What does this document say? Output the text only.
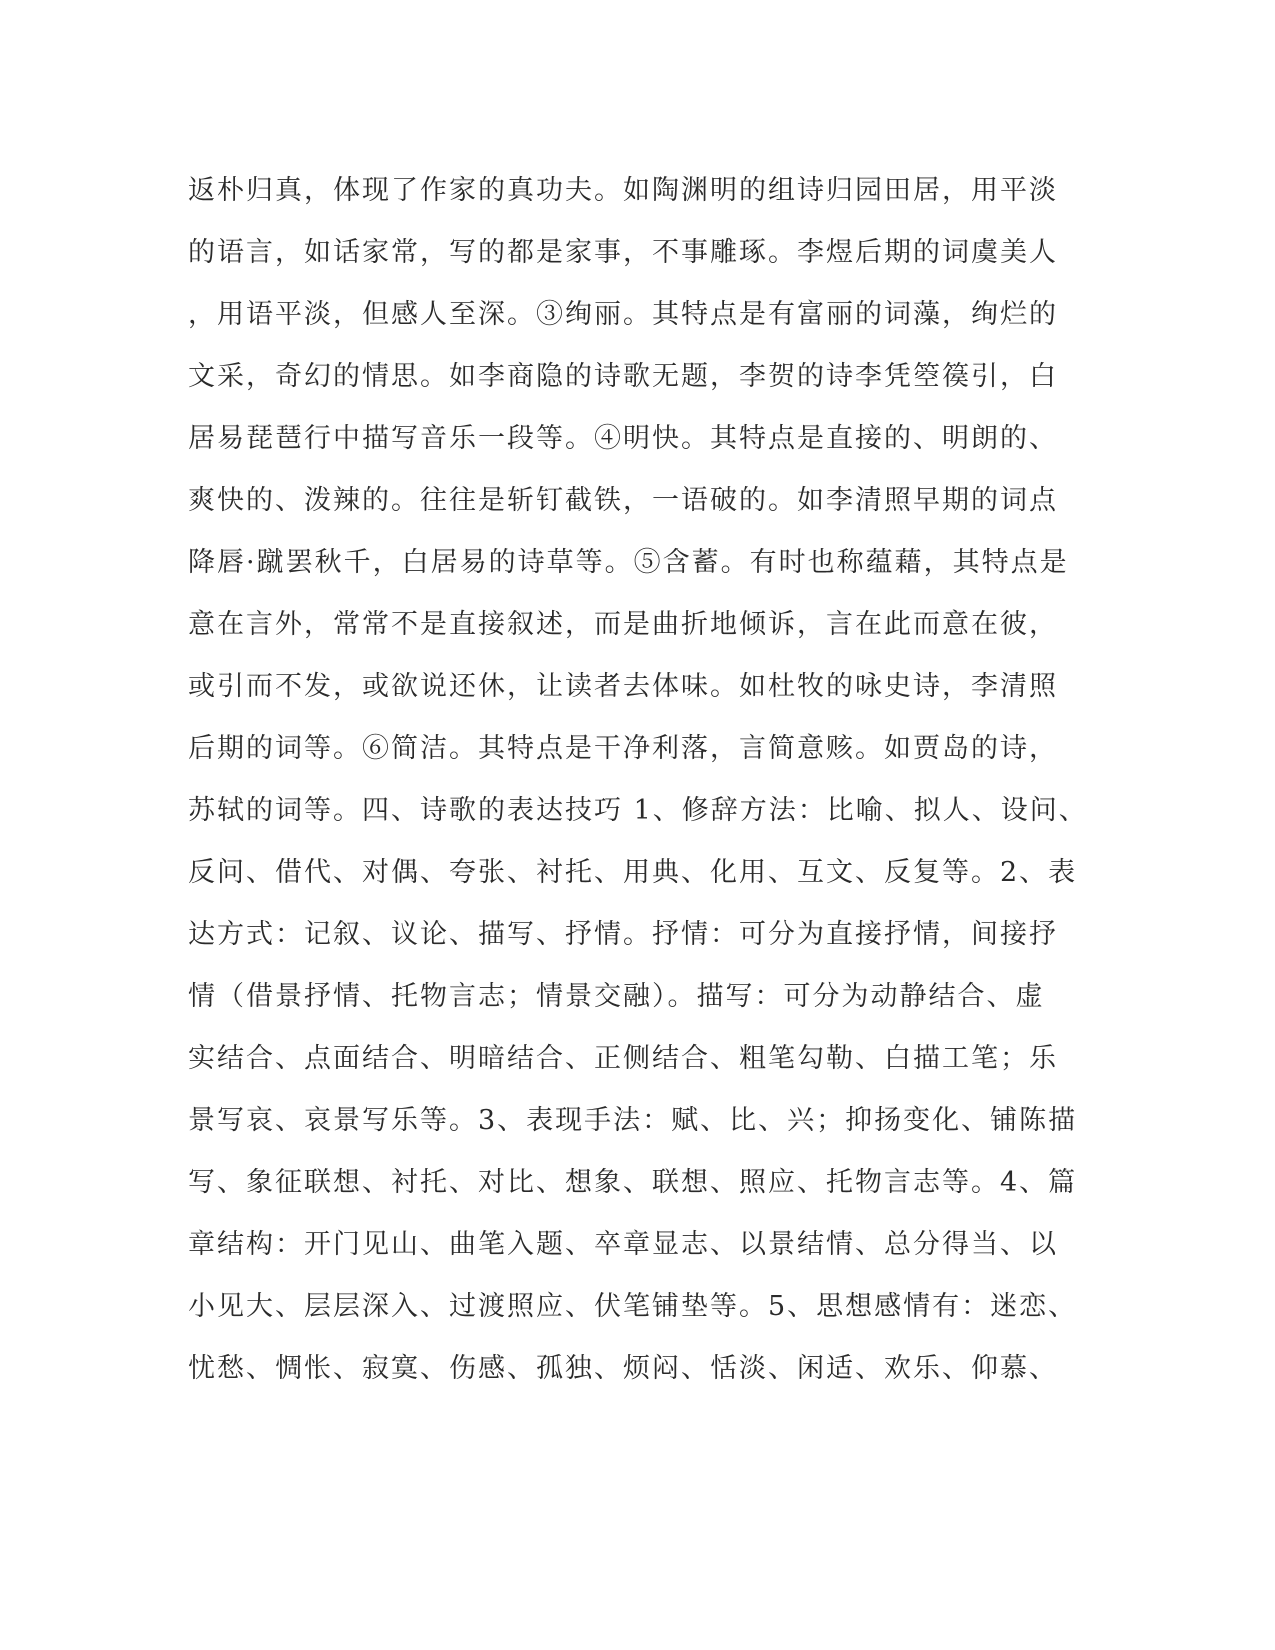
返朴归真，体现了作家的真功夫。如陶渊明的组诗归园田居，用平淡
的语言，如话家常，写的都是家事，不事雕琢。李煜后期的词虞美人
，用语平淡，但感人至深。③绚丽。其特点是有富丽的词藻，绚烂的
文采，奇幻的情思。如李商隐的诗歌无题，李贺的诗李凭箜篌引，白
居易琵琶行中描写音乐一段等。④明快。其特点是直接的、明朗的、
爽快的、泼辣的。往往是斩钉截铁，一语破的。如李清照早期的词点
降唇·蹴罢秋千，白居易的诗草等。⑤含蓄。有时也称蕴藉，其特点是
意在言外，常常不是直接叙述，而是曲折地倾诉，言在此而意在彼，
或引而不发，或欲说还休，让读者去体味。如杜牧的咏史诗，李清照
后期的词等。⑥简洁。其特点是干净利落，言简意赅。如贾岛的诗，
苏轼的词等。四、诗歌的表达技巧 1、修辞方法：比喻、拟人、设问、
反问、借代、对偶、夸张、衬托、用典、化用、互文、反复等。2、表
达方式：记叙、议论、描写、抒情。抒情：可分为直接抒情，间接抒
情（借景抒情、托物言志；情景交融）。描写：可分为动静结合、虚
实结合、点面结合、明暗结合、正侧结合、粗笔勾勒、白描工笔；乐
景写哀、哀景写乐等。3、表现手法：赋、比、兴；抑扬变化、铺陈描
写、象征联想、衬托、对比、想象、联想、照应、托物言志等。4、篇
章结构：开门见山、曲笔入题、卒章显志、以景结情、总分得当、以
小见大、层层深入、过渡照应、伏笔铺垫等。5、思想感情有：迷恋、
忧愁、惆怅、寂寞、伤感、孤独、烦闷、恬淡、闲适、欢乐、仰慕、
